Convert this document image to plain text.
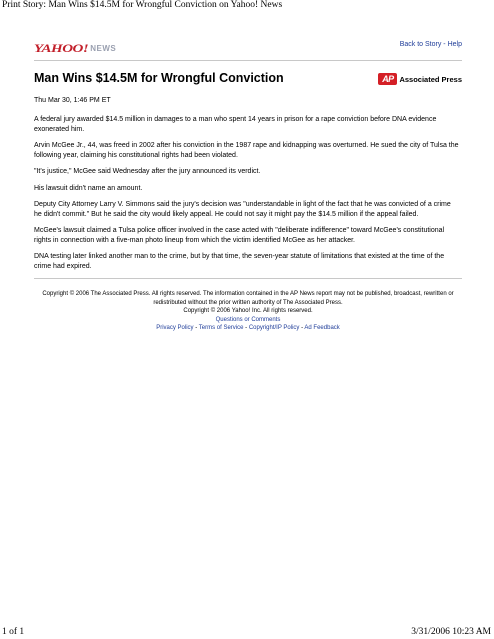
Print Story: Man Wins $14.5M for Wrongful Conviction on Yahoo! News
YAHOO! NEWS	Back to Story - Help
Man Wins $14.5M for Wrongful Conviction	AP Associated Press
Thu Mar 30, 1:46 PM ET

A federal jury awarded $14.5 million in damages to a man who spent 14 years in prison for a rape conviction before DNA evidence exonerated him.

Arvin McGee Jr., 44, was freed in 2002 after his conviction in the 1987 rape and kidnapping was overturned. He sued the city of Tulsa the following year, claiming his constitutional rights had been violated.

"It's justice," McGee said Wednesday after the jury announced its verdict.

His lawsuit didn't name an amount.

Deputy City Attorney Larry V. Simmons said the jury's decision was "understandable in light of the fact that he was convicted of a crime he didn't commit." But he said the city would likely appeal. He could not say it might pay the $14.5 million if the appeal failed.

McGee's lawsuit claimed a Tulsa police officer involved in the case acted with "deliberate indifference" toward McGee's constitutional rights in connection with a five-man photo lineup from which the victim identified McGee as her attacker.

DNA testing later linked another man to the crime, but by that time, the seven-year statute of limitations that existed at the time of the crime had expired.

Copyright © 2006 The Associated Press. All rights reserved. The information contained in the AP News report may not be published, broadcast, rewritten or redistributed without the prior written authority of The Associated Press.
Copyright © 2006 Yahoo! Inc. All rights reserved.
Questions or Comments
Privacy Policy - Terms of Service - Copyright/IP Policy - Ad Feedback
1 of 1	3/31/2006 10:23 AM
